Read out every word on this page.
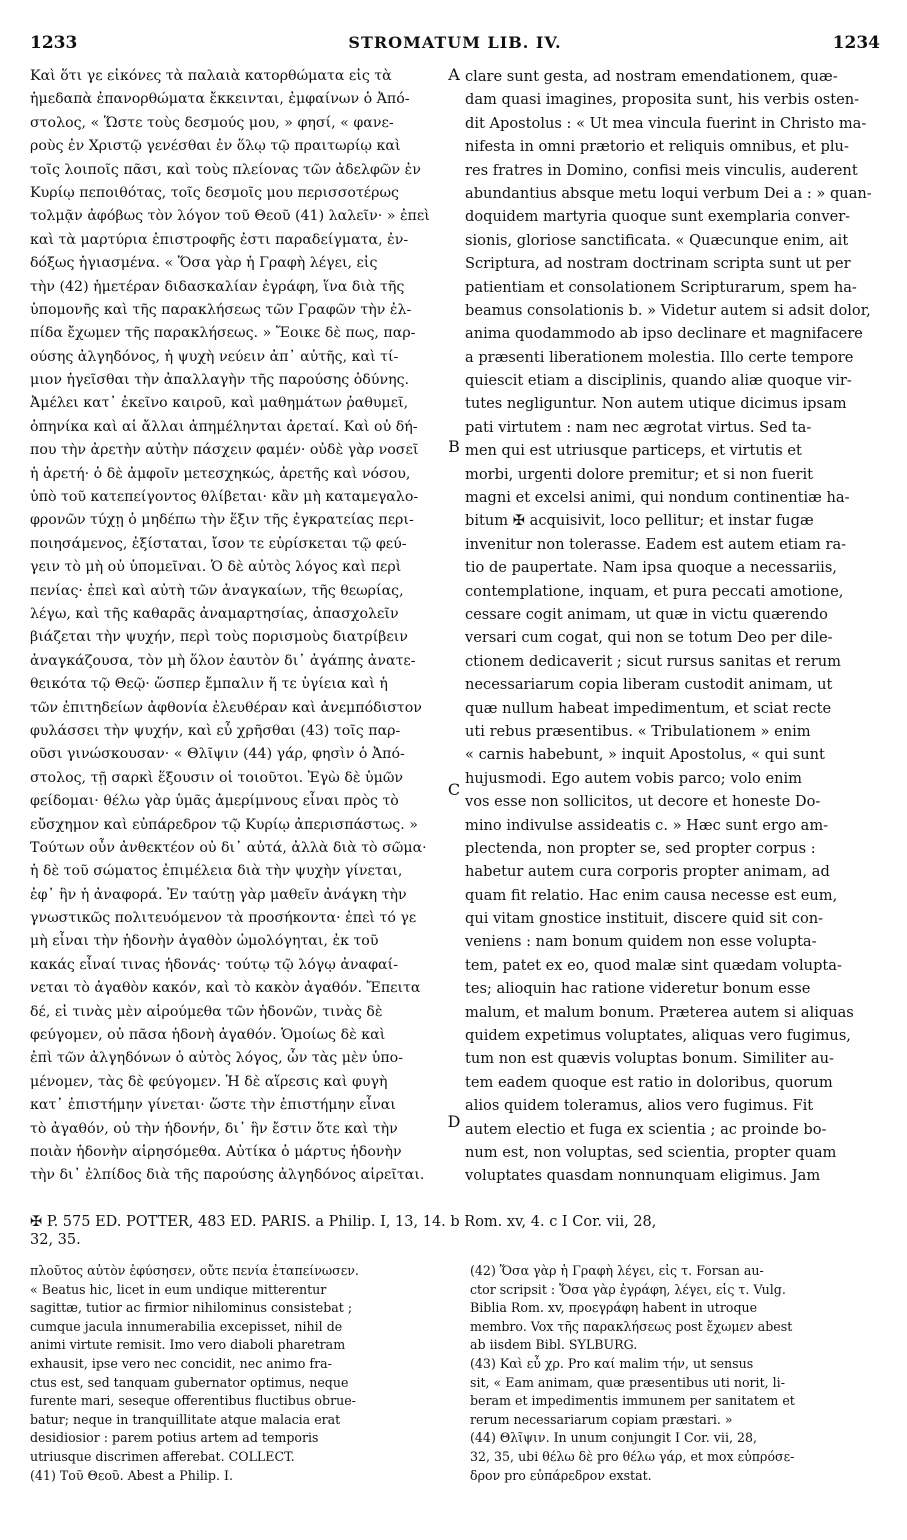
1233	STROMATUM LIB. IV.	1234
Καὶ ὅτι γε εἰκόνες τὰ παλαιὰ κατορθώματα εἰς τὰ
ἡμεδαπὰ ἐπανορθώματα ἔκκεινται, ἐμφαίνων ὁ Ἀπό-
στολος, « Ὥστε τοὺς δεσμούς μου, » φησί, « φανε-
ροὺς ἐν Χριστῷ γενέσθαι ἐν ὅλῳ τῷ πραιτωρίῳ καὶ
τοῖς λοιποῖς πᾶσι, καὶ τοὺς πλείονας τῶν ἀδελφῶν ἐν
Κυρίῳ πεποιθότας, τοῖς δεσμοῖς μου περισσοτέρως
τολμᾷν ἀφόβως τὸν λόγον τοῦ Θεοῦ (41) λαλεῖν· » ἐπεὶ
καὶ τὰ μαρτύρια ἐπιστροφῆς ἐστι παραδείγματα, ἐν-
δόξως ἡγιασμένα. « Ὅσα γὰρ ἡ Γραφὴ λέγει, εἰς
τὴν (42) ἡμετέραν διδασκαλίαν ἐγράφη, ἵνα διὰ τῆς
ὑπομονῆς καὶ τῆς παρακλήσεως τῶν Γραφῶν τὴν ἐλ-
πίδα ἔχωμεν τῆς παρακλήσεως. » Ἔοικε δὲ πως, παρ-
ούσης ἀλγηδόνος, ἡ ψυχὴ νεύειν ἀπ᾽ αὐτῆς, καὶ τί-
μιον ἡγεῖσθαι τὴν ἀπαλλαγὴν τῆς παρούσης ὀδύνης.
Ἀμέλει κατ᾽ ἐκεῖνο καιροῦ, καὶ μαθημάτων ῥαθυμεῖ,
ὁπηνίκα καὶ αἱ ἄλλαι ἀπημέληνται ἀρεταί. Καὶ οὐ δή-
που τὴν ἀρετὴν αὐτὴν πάσχειν φαμέν· οὐδὲ γὰρ νοσεῖ
ἡ ἀρετή· ὁ δὲ ἀμφοῖν μετεσχηκώς, ἀρετῆς καὶ νόσου,
ὑπὸ τοῦ κατεπείγοντος θλίβεται· κἂν μὴ καταμεγαλο-
φρονῶν τύχῃ ὁ μηδέπω τὴν ἕξιν τῆς ἐγκρατείας περι-
ποιησάμενος, ἐξίσταται, ἴσον τε εὑρίσκεται τῷ φεύ-
γειν τὸ μὴ οὐ ὑπομεῖναι. Ὁ δὲ αὐτὸς λόγος καὶ περὶ
πενίας· ἐπεὶ καὶ αὐτὴ τῶν ἀναγκαίων, τῆς θεωρίας,
λέγω, καὶ τῆς καθαρᾶς ἀναμαρτησίας, ἀπασχολεῖν
βιάζεται τὴν ψυχήν, περὶ τοὺς πορισμοὺς διατρίβειν
ἀναγκάζουσα, τὸν μὴ ὅλον ἑαυτὸν δι᾽ ἀγάπης ἀνατε-
θεικότα τῷ Θεῷ· ὥσπερ ἔμπαλιν ἥ τε ὑγίεια καὶ ἡ
τῶν ἐπιτηδείων ἀφθονία ἐλευθέραν καὶ ἀνεμπόδιστον
φυλάσσει τὴν ψυχήν, καὶ εὖ χρῆσθαι (43) τοῖς παρ-
οῦσι γινώσκουσαν· « Θλῖψιν (44) γάρ, φησὶν ὁ Ἀπό-
στολος, τῇ σαρκὶ ἕξουσιν οἱ τοιοῦτοι. Ἐγὼ δὲ ὑμῶν
φείδομαι· θέλω γὰρ ὑμᾶς ἀμερίμνους εἶναι πρὸς τὸ
εὔσχημον καὶ εὐπάρεδρον τῷ Κυρίῳ ἀπερισπάστως. »
Τούτων οὖν ἀνθεκτέον οὐ δι᾽ αὐτά, ἀλλὰ διὰ τὸ σῶμα·
ἡ δὲ τοῦ σώματος ἐπιμέλεια διὰ τὴν ψυχὴν γίνεται,
ἐφ᾽ ἣν ἡ ἀναφορά. Ἐν ταύτῃ γὰρ μαθεῖν ἀνάγκη τὴν
γνωστικῶς πολιτευόμενον τὰ προσήκοντα· ἐπεὶ τό γε
μὴ εἶναι τὴν ἡδονὴν ἀγαθὸν ὡμολόγηται, ἐκ τοῦ
κακάς εἶναί τινας ἡδονάς· τούτῳ τῷ λόγῳ ἀναφαί-
νεται τὸ ἀγαθὸν κακόν, καὶ τὸ κακὸν ἀγαθόν. Ἔπειτα
δέ, εἰ τινὰς μὲν αἱρούμεθα τῶν ἡδονῶν, τινὰς δὲ
φεύγομεν, οὐ πᾶσα ἡδονὴ ἀγαθόν. Ὁμοίως δὲ καὶ
ἐπὶ τῶν ἀλγηδόνων ὁ αὐτὸς λόγος, ὧν τὰς μὲν ὑπο-
μένομεν, τὰς δὲ φεύγομεν. Ἡ δὲ αἵρεσις καὶ φυγὴ
κατ᾽ ἐπιστήμην γίνεται· ὥστε τὴν ἐπιστήμην εἶναι
τὸ ἀγαθόν, οὐ τὴν ἡδονήν, δι᾽ ἣν ἔστιν ὅτε καὶ τὴν
ποιὰν ἡδονὴν αἱρησόμεθα. Αὐτίκα ὁ μάρτυς ἡδονὴν
τὴν δι᾽ ἐλπίδος διὰ τῆς παρούσης ἀλγηδόνος αἱρεῖται.
clare sunt gesta, ad nostram emendationem, quæ-
dam quasi imagines, proposita sunt, his verbis osten-
dit Apostolus : « Ut mea vincula fuerint in Christo ma-
nifesta in omni prætorio et reliquis omnibus, et plu-
res fratres in Domino, confisi meis vinculis, auderent
abundantius absque metu loqui verbum Dei a : » quan-
doquidem martyria quoque sunt exemplaria conver-
sionis, gloriose sanctificata. « Quæcunque enim, ait
Scriptura, ad nostram doctrinam scripta sunt ut per
patientiam et consolationem Scripturarum, spem ha-
beamus consolationis b. » Videtur autem si adsit dolor,
anima quodammodo ab ipso declinare et magnifacere
a præsenti liberationem molestia. Illo certe tempore
quiescit etiam a disciplinis, quando aliæ quoque vir-
tutes negliguntur. Non autem utique dicimus ipsam
pati virtutem : nam nec ægrotat virtus. Sed ta-
men qui est utriusque particeps, et virtutis et
morbi, urgenti dolore premitur; et si non fuerit
magni et excelsi animi, qui nondum continentiæ ha-
bitum ✠ acquisivit, loco pellitur; et instar fugæ
invenitur non tolerasse. Eadem est autem etiam ra-
tio de paupertate. Nam ipsa quoque a necessariis,
contemplatione, inquam, et pura peccati amotione,
cessare cogit animam, ut quæ in victu quærendo
versari cum cogat, qui non se totum Deo per dile-
ctionem dedicaverit ; sicut rursus sanitas et rerum
necessariarum copia liberam custodit animam, ut
quæ nullum habeat impedimentum, et sciat recte
uti rebus præsentibus. « Tribulationem » enim
« carnis habebunt, » inquit Apostolus, « qui sunt
hujusmodi. Ego autem vobis parco; volo enim
vos esse non sollicitos, ut decore et honeste Do-
mino indivulse assideatis c. » Hæc sunt ergo am-
plectenda, non propter se, sed propter corpus :
habetur autem cura corporis propter animam, ad
quam fit relatio. Hac enim causa necesse est eum,
qui vitam gnostice instituit, discere quid sit con-
veniens : nam bonum quidem non esse volupta-
tem, patet ex eo, quod malæ sint quædam volupta-
tes; alioquin hac ratione videretur bonum esse
malum, et malum bonum. Præterea autem si aliquas
quidem expetimus voluptates, aliquas vero fugimus,
tum non est quævis voluptas bonum. Similiter au-
tem eadem quoque est ratio in doloribus, quorum
alios quidem toleramus, alios vero fugimus. Fit
autem electio et fuga ex scientia ; ac proinde bo-
num est, non voluptas, sed scientia, propter quam
voluptates quasdam nonnunquam eligimus. Jam
A
B
C
D
✠ P. 575 ED. POTTER, 483 ED. PARIS. a Philip. I, 13, 14. b Rom. xv, 4. c I Cor. vii, 28,
32, 35.
πλοῦτος αὐτὸν ἐφύσησεν, οὔτε πενία ἐταπείνωσεν.
« Beatus hic, licet in eum undique mitterentur
sagittæ, tutior ac firmior nihilominus consistebat ;
cumque jacula innumerabilia excepisset, nihil de
animi virtute remisit. Imo vero diaboli pharetram
exhausit, ipse vero nec concidit, nec animo fra-
ctus est, sed tanquam gubernator optimus, neque
furente mari, seseque offerentibus fluctibus obrue-
batur; neque in tranquillitate atque malacia erat
desidiosior : parem potius artem ad temporis
utriusque discrimen afferebat. COLLECT.
(41) Τοῦ Θεοῦ. Abest a Philip. I.
(42) Ὅσα γὰρ ἡ Γραφὴ λέγει, εἰς τ. Forsan au-
ctor scripsit : Ὅσα γὰρ ἐγράφη, λέγει, εἰς τ. Vulg.
Biblia Rom. xv, προεγράφη habent in utroque
membro. Vox τῆς παρακλήσεως post ἔχωμεν abest
ab iisdem Bibl. SYLBURG.
(43) Καὶ εὖ χρ. Pro καί malim τήν, ut sensus
sit, « Eam animam, quæ præsentibus uti norit, li-
beram et impedimentis immunem per sanitatem et
rerum necessariarum copiam præstari. »
(44) Θλῖψιν. In unum conjungit I Cor. vii, 28,
32, 35, ubi θέλω δὲ pro θέλω γάρ, et mox εὐπρόσε-
δρον pro εὐπάρεδρον exstat.
